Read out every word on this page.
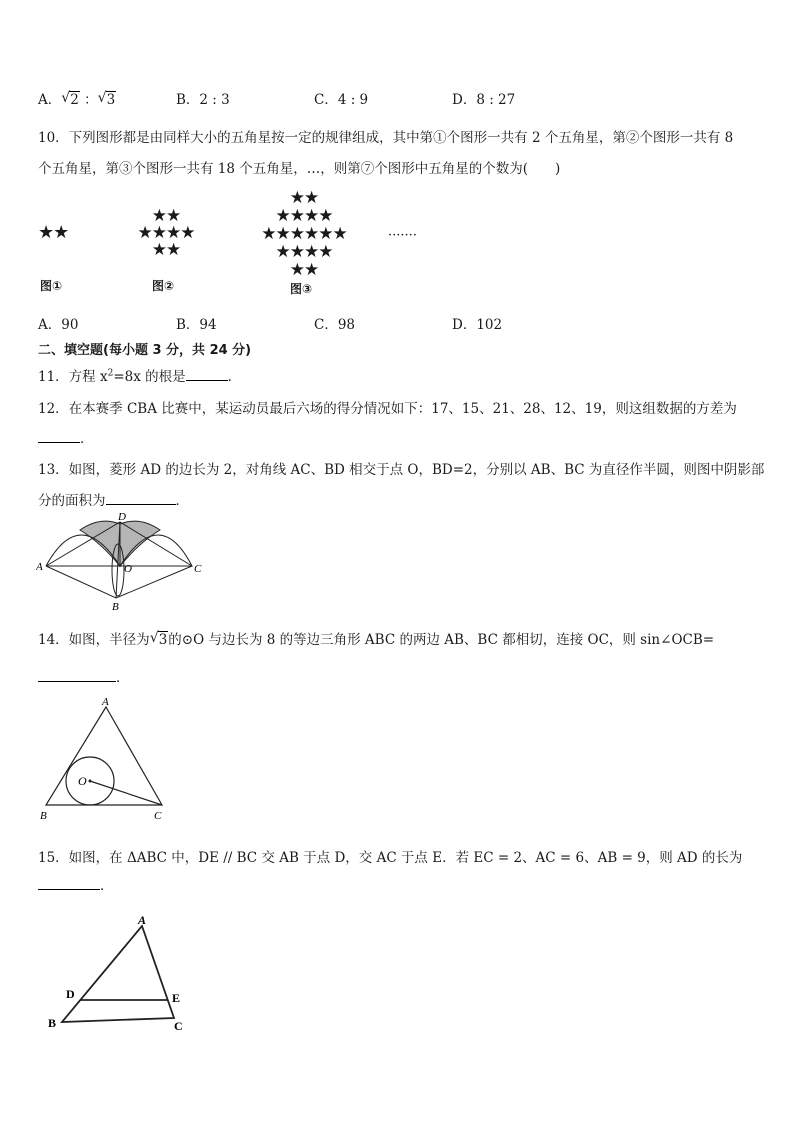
A． √ 2 ： √ 3	B．2 : 3	C．4 : 9	D．8 : 27
10．下列图形都是由同样大小的五角星按一定的规律组成，其中第①个图形一共有 2 个五角星，第②个图形一共有 8
个五角星，第③个图形一共有 18 个五角星，…，则第⑦个图形中五角星的个数为(　　)
★★
★★
★★★★
★★
★★
★★★★
★★★★★★
★★★★
★★
·······
图①	图②	图③
A．90	B．94	C．98	D．102
二、填空题(每小题 3 分，共 24 分)
11．方程 $x^2=8x$ 的根是	．
12．在本赛季 CBA 比赛中，某运动员最后六场的得分情况如下：17、15、21、28、12、19，则这组数据的方差为
．
13．如图，菱形 AD 的边长为 2，对角线 AC、BD 相交于点 O，BD=2，分别以 AB、BC 为直径作半圆，则图中阴影部
分的面积为	．
A
D
C
B
O
14．如图，半径为 √ 3的⊙O 与边长为 8 的等边三角形 ABC 的两边 AB、BC 都相切，连接 OC，则 sin∠OCB=
．
A
B	C
O
15．如图，在 ΔABC 中，DE // BC 交 AB 于点 D，交 AC 于点 E．若 EC = 2、AC = 6、AB = 9，则 AD 的长为
．
A
D	E
B	C
